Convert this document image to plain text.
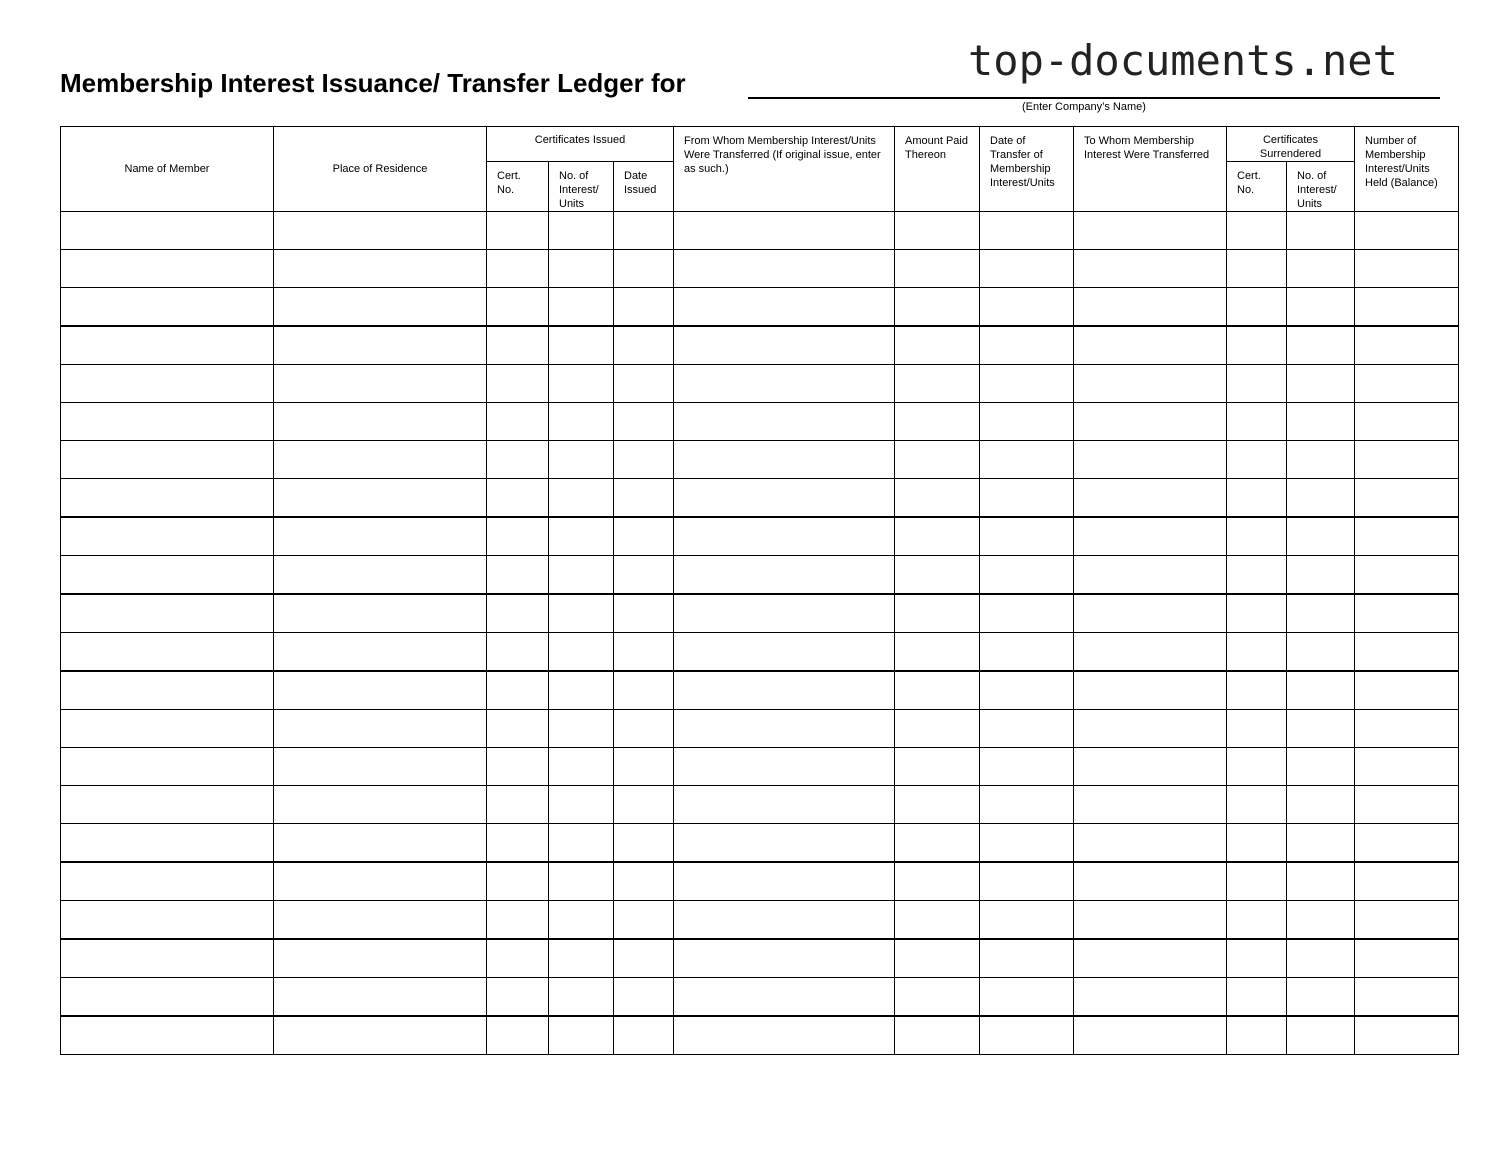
top-documents.net
Membership Interest Issuance/ Transfer Ledger for
(Enter Company’s Name)
Name of Member	Place of Residence	Certificates Issued			From Whom Membership Interest/Units Were Transferred (If original issue, enter as such.)	Amount Paid Thereon	Date of Transfer of Membership Interest/Units	To Whom Membership Interest Were Transferred	Certificates Surrendered		Number of Membership Interest/Units Held (Balance)

		Cert. No.	No. of Interest/ Units	Date Issued					Cert. No.	No. of Interest/ Units	
